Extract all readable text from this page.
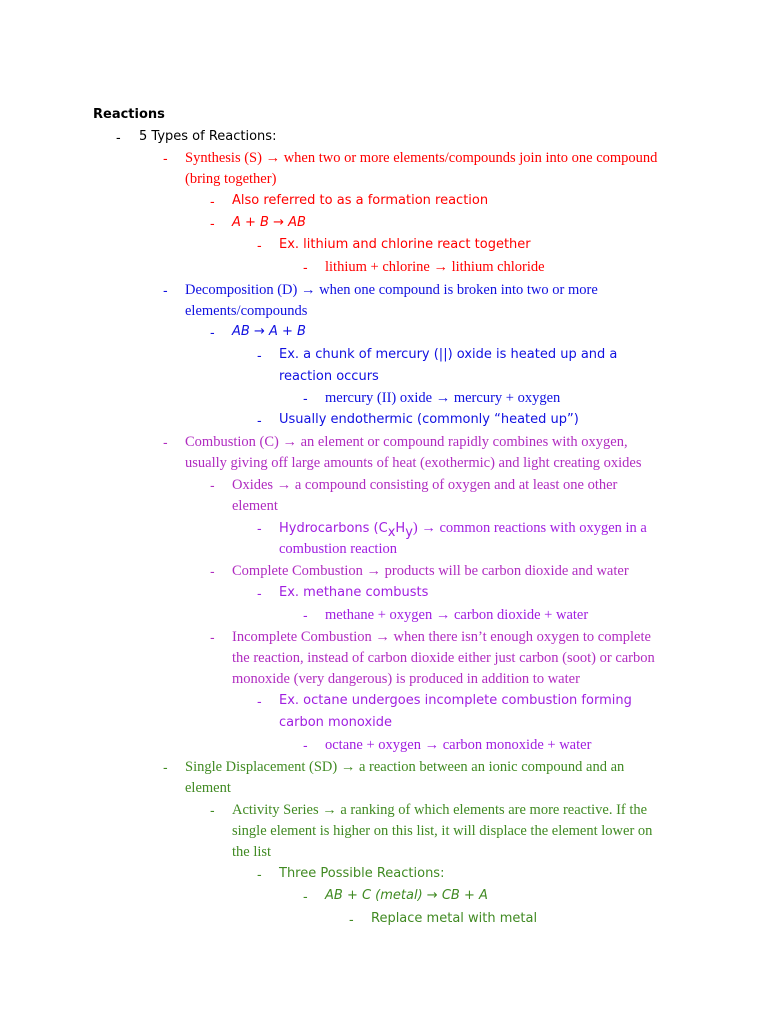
Reactions
- 5 Types of Reactions:
- Synthesis (S) → when two or more elements/compounds join into one compound
(bring together)
- Also referred to as a formation reaction
- A + B → AB
- Ex. lithium and chlorine react together
- lithium + chlorine → lithium chloride
- Decomposition (D) → when one compound is broken into two or more
elements/compounds
- AB → A + B
- Ex. a chunk of mercury (||) oxide is heated up and a
reaction occurs
- mercury (II) oxide → mercury + oxygen
- Usually endothermic (commonly “heated up”)
- Combustion (C) → an element or compound rapidly combines with oxygen,
usually giving off large amounts of heat (exothermic) and light creating oxides
- Oxides → a compound consisting of oxygen and at least one other
element
- Hydrocarbons $(C_xH_y)$ → common reactions with oxygen in a
combustion reaction
- Complete Combustion → products will be carbon dioxide and water
- Ex. methane combusts
- methane + oxygen → carbon dioxide + water
- Incomplete Combustion → when there isn’t enough oxygen to complete
the reaction, instead of carbon dioxide either just carbon (soot) or carbon
monoxide (very dangerous) is produced in addition to water
- Ex. octane undergoes incomplete combustion forming
carbon monoxide
- octane + oxygen → carbon monoxide + water
- Single Displacement (SD) → a reaction between an ionic compound and an
element
- Activity Series → a ranking of which elements are more reactive. If the
single element is higher on this list, it will displace the element lower on
the list
- Three Possible Reactions:
- AB + C (metal) → CB + A
- Replace metal with metal
